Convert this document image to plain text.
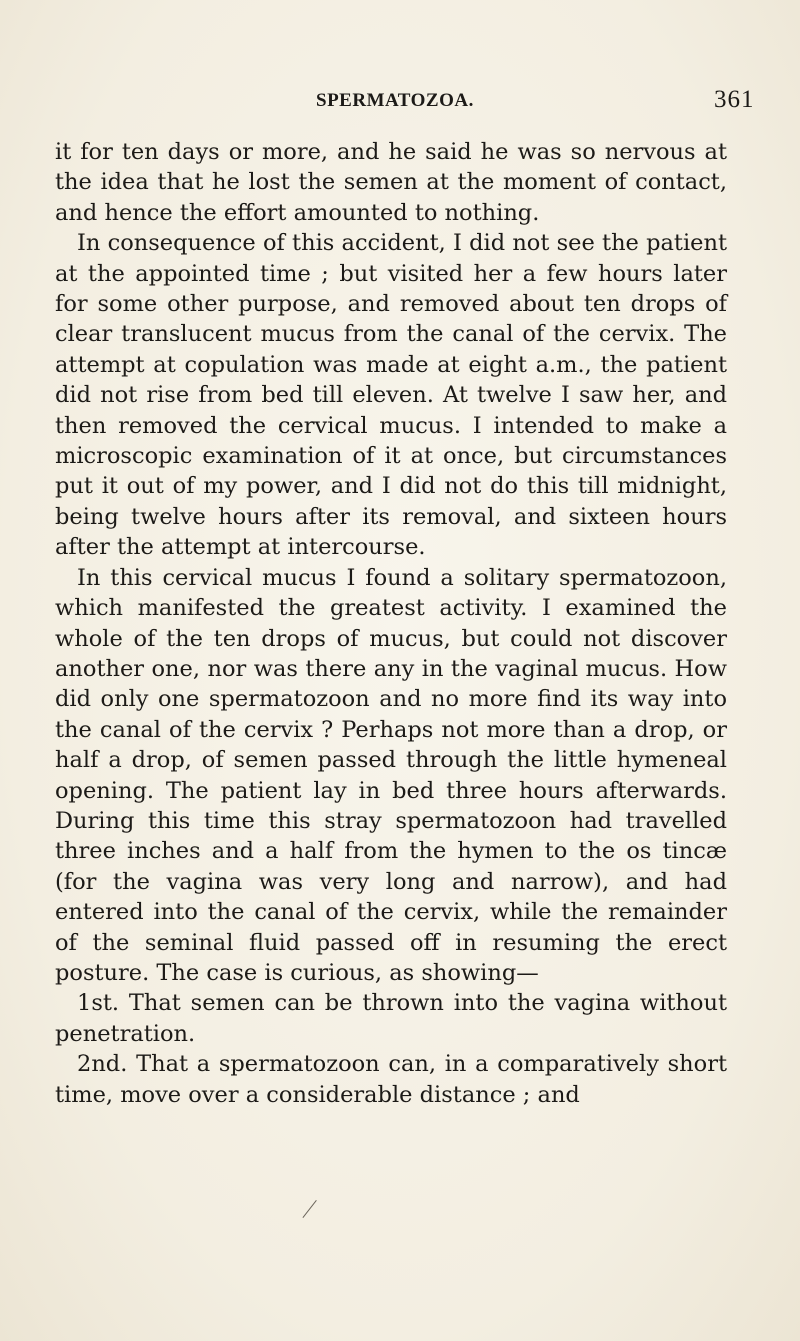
SPERMATOZOA.	361

it for ten days or more, and he said he was so nervous at the idea that he lost the semen at the moment of contact, and hence the effort amounted to nothing.

In consequence of this accident, I did not see the patient at the appointed time ; but visited her a few hours later for some other purpose, and removed about ten drops of clear translucent mucus from the canal of the cervix. The attempt at copulation was made at eight a.m., the patient did not rise from bed till eleven. At twelve I saw her, and then removed the cervical mucus. I intended to make a microscopic examination of it at once, but circumstances put it out of my power, and I did not do this till midnight, being twelve hours after its removal, and sixteen hours after the attempt at intercourse.

In this cervical mucus I found a solitary spermatozoon, which manifested the greatest activity. I examined the whole of the ten drops of mucus, but could not discover another one, nor was there any in the vaginal mucus. How did only one spermatozoon and no more find its way into the canal of the cervix ? Perhaps not more than a drop, or half a drop, of semen passed through the little hymeneal opening. The patient lay in bed three hours afterwards. During this time this stray spermatozoon had travelled three inches and a half from the hymen to the os tincæ (for the vagina was very long and narrow), and had entered into the canal of the cervix, while the remainder of the seminal fluid passed off in resuming the erect posture. The case is curious, as showing—

1st. That semen can be thrown into the vagina without penetration.

2nd. That a spermatozoon can, in a comparatively short time, move over a considerable distance ; and
